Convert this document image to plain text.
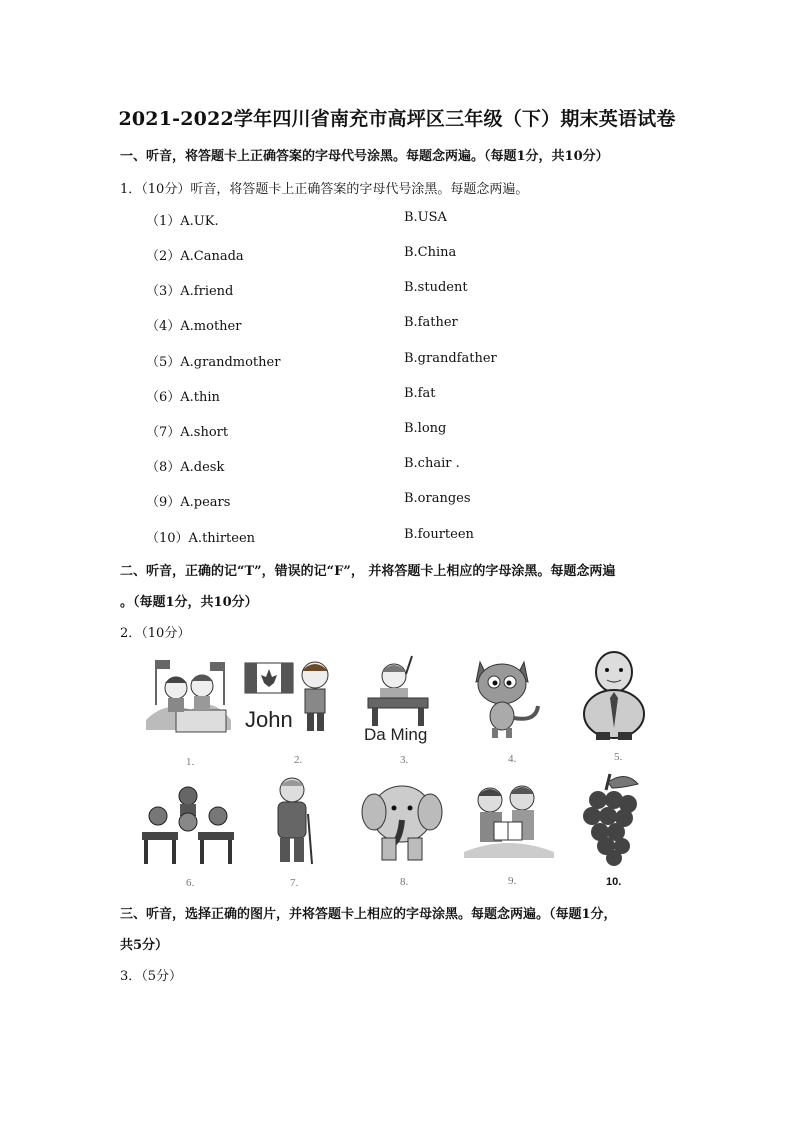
2021-2022学年四川省南充市高坪区三年级（下）期末英语试卷
一、听音，将答题卡上正确答案的字母代号涂黑。每题念两遍。（每题1分，共10分）
1．（10分）听音，将答题卡上正确答案的字母代号涂黑。每题念两遍。
（1）A.UK.	B.USA
（2）A.Canada	B.China
（3）A.friend	B.student
（4）A.mother	B.father
（5）A.grandmother	B.grandfather
（6）A.thin	B.fat
（7）A.short	B.long
（8）A.desk	B.chair .
（9）A.pears	B.oranges
（10）A.thirteen	B.fourteen
二、听音，正确的记“T”，错误的记“F”， 并将答题卡上相应的字母涂黑。每题念两遍
。（每题1分，共10分）
2．（10分）
John
Da Ming
1.	2.	3.	4.	5.
6.	7.	8.	9.	10.
三、听音，选择正确的图片，并将答题卡上相应的字母涂黑。每题念两遍。（每题1分，
共5分）
3．（5分）
